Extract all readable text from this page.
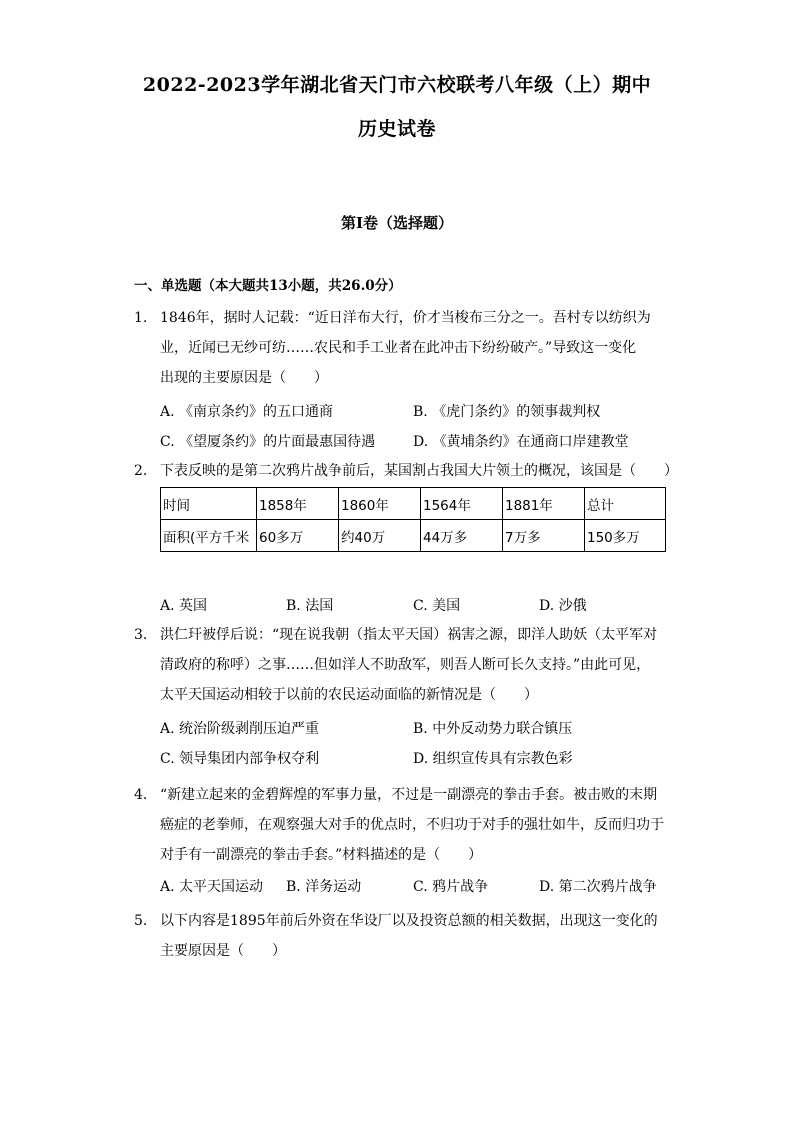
2022-2023学年湖北省天门市六校联考八年级（上）期中
历史试卷
第I卷（选择题）
一、单选题（本大题共13小题，共26.0分）
1. 1846年，据时人记载：“近日洋布大行，价才当梭布三分之一。吾村专以纺织为
业，近闻已无纱可纺……农民和手工业者在此冲击下纷纷破产。”导致这一变化
出现的主要原因是（　　）
A. 《南京条约》的五口通商	B. 《虎门条约》的领事裁判权
C. 《望厦条约》的片面最惠国待遇	D. 《黄埔条约》在通商口岸建教堂
2. 下表反映的是第二次鸦片战争前后，某国割占我国大片领土的概况，该国是（　　）
时间	1858年	1860年	1564年	1881年	总计
面积(平方千米	60多万	约40万	44万多	7万多	150多万
A. 英国	B. 法国	C. 美国	D. 沙俄
3. 洪仁玕被俘后说：“现在说我朝（指太平天国）祸害之源，即洋人助妖（太平军对
清政府的称呼）之事……但如洋人不助敌军，则吾人断可长久支持。”由此可见，
太平天国运动相较于以前的农民运动面临的新情况是（　　）
A. 统治阶级剥削压迫严重	B. 中外反动势力联合镇压
C. 领导集团内部争权夺利	D. 组织宣传具有宗教色彩
4. “新建立起来的金碧辉煌的军事力量，不过是一副漂亮的拳击手套。被击败的末期
癌症的老拳师，在观察强大对手的优点时，不归功于对手的强壮如牛，反而归功于
对手有一副漂亮的拳击手套。”材料描述的是（　　）
A. 太平天国运动 B. 洋务运动	C. 鸦片战争	D. 第二次鸦片战争
5. 以下内容是1895年前后外资在华设厂以及投资总额的相关数据，出现这一变化的
主要原因是（　　）
